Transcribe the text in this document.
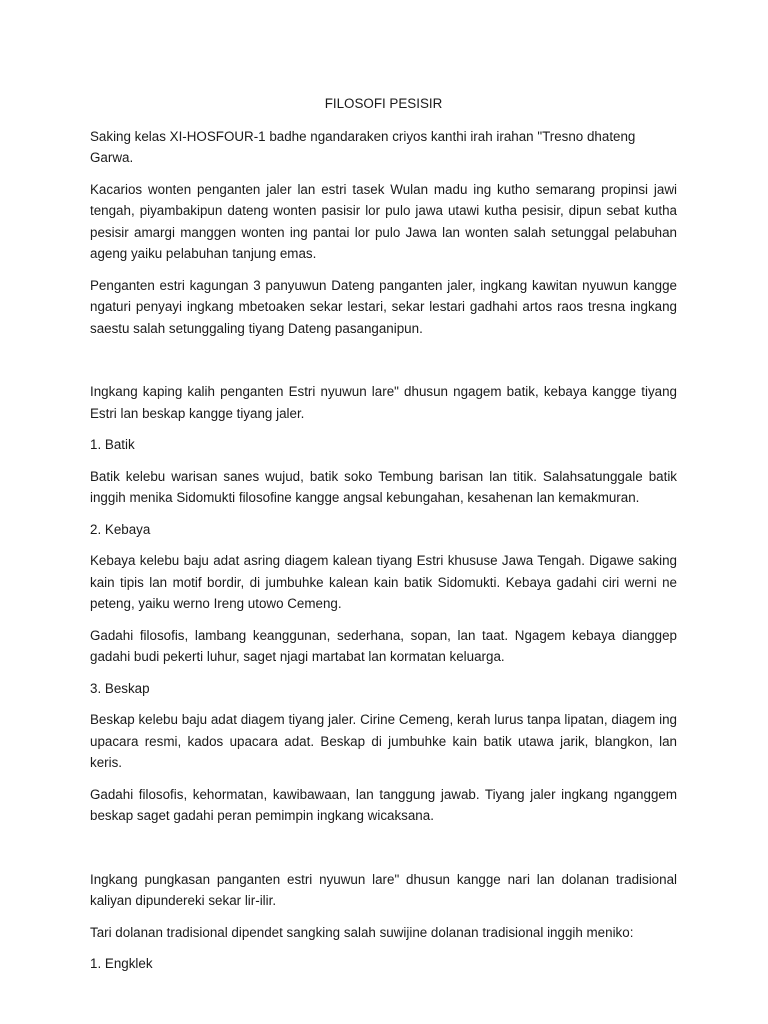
FILOSOFI PESISIR

Saking kelas XI-HOSFOUR-1 badhe ngandaraken criyos kanthi irah irahan "Tresno dhateng Garwa.

Kacarios wonten penganten jaler lan estri tasek Wulan madu ing kutho semarang propinsi jawi tengah, piyambakipun dateng wonten pasisir lor pulo jawa utawi kutha pesisir, dipun sebat kutha pesisir amargi manggen wonten ing pantai lor pulo Jawa lan wonten salah setunggal pelabuhan ageng yaiku pelabuhan tanjung emas.

Penganten estri kagungan 3 panyuwun Dateng panganten jaler, ingkang kawitan nyuwun kangge ngaturi penyayi ingkang mbetoaken sekar lestari, sekar lestari gadhahi artos raos tresna ingkang saestu salah setunggaling tiyang Dateng pasanganipun.

Ingkang kaping kalih penganten Estri nyuwun lare" dhusun ngagem batik, kebaya kangge tiyang Estri lan beskap kangge tiyang jaler.

1. Batik

Batik kelebu warisan sanes wujud, batik soko Tembung barisan lan titik. Salahsatunggale batik inggih menika Sidomukti filosofine kangge angsal kebungahan, kesahenan lan kemakmuran.

2. Kebaya

Kebaya kelebu baju adat asring diagem kalean tiyang Estri khususe Jawa Tengah. Digawe saking kain tipis lan motif bordir, di jumbuhke kalean kain batik Sidomukti. Kebaya gadahi ciri werni ne peteng, yaiku werno Ireng utowo Cemeng.

Gadahi filosofis, lambang keanggunan, sederhana, sopan, lan taat. Ngagem kebaya dianggep gadahi budi pekerti luhur, saget njagi martabat lan kormatan keluarga.

3. Beskap

Beskap kelebu baju adat diagem tiyang jaler. Cirine Cemeng, kerah lurus tanpa lipatan, diagem ing upacara resmi, kados upacara adat. Beskap di jumbuhke kain batik utawa jarik, blangkon, lan keris.

Gadahi filosofis, kehormatan, kawibawaan, lan tanggung jawab. Tiyang jaler ingkang nganggem beskap saget gadahi peran pemimpin ingkang wicaksana.

Ingkang pungkasan panganten estri nyuwun lare" dhusun kangge nari lan dolanan tradisional kaliyan dipundereki sekar lir-ilir.

Tari dolanan tradisional dipendet sangking salah suwijine dolanan tradisional inggih meniko:

1. Engklek
